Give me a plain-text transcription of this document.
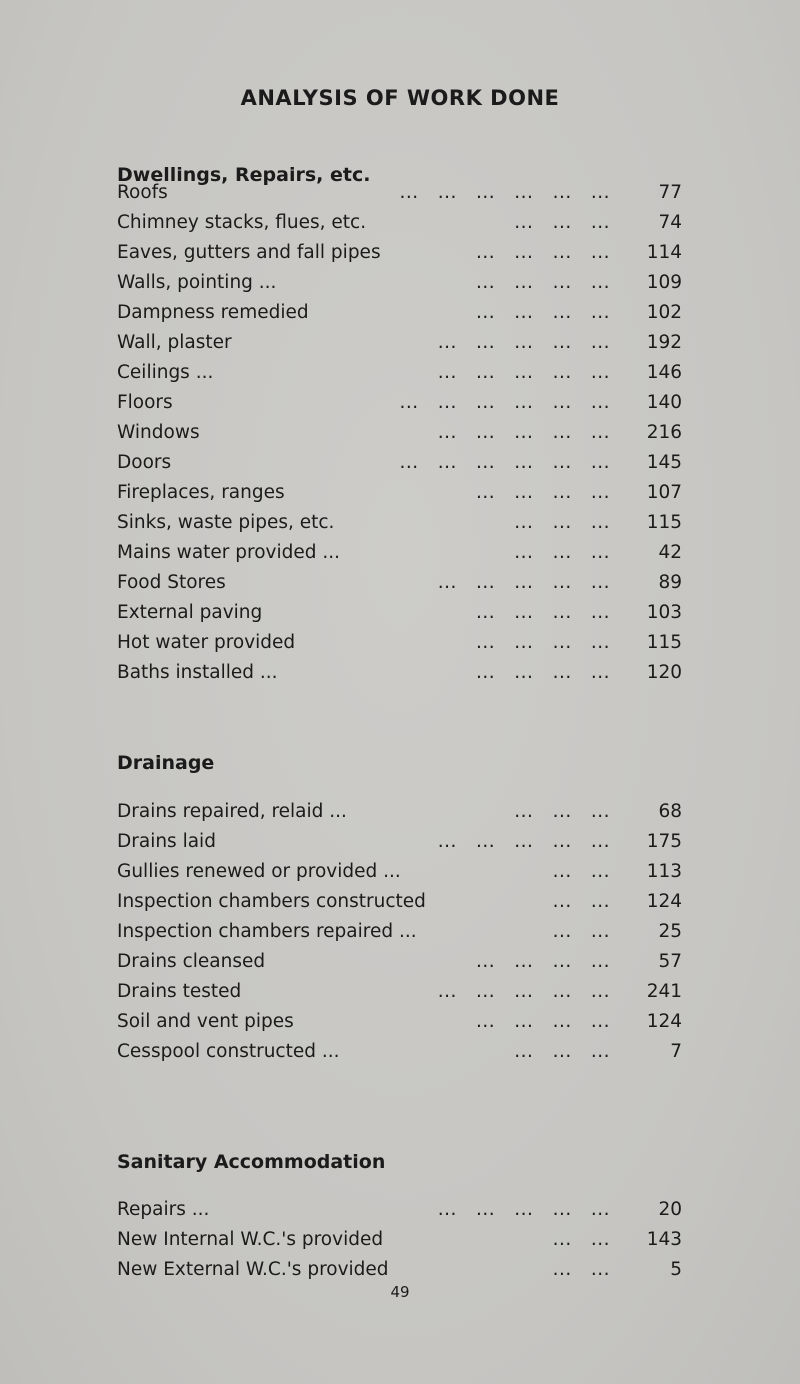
ANALYSIS OF WORK DONE
Dwellings, Repairs, etc.
Roofs	...   ...   ...   ...   ...   ...	77
Chimney stacks, flues, etc.	...   ...   ...	74
Eaves, gutters and fall pipes	...   ...   ...   ...	114
Walls, pointing ...	...   ...   ...   ...	109
Dampness remedied	...   ...   ...   ...	102
Wall, plaster	...   ...   ...   ...   ...	192
Ceilings ...	...   ...   ...   ...   ...	146
Floors	...   ...   ...   ...   ...   ...	140
Windows	...   ...   ...   ...   ...	216
Doors	...   ...   ...   ...   ...   ...	145
Fireplaces, ranges	...   ...   ...   ...	107
Sinks, waste pipes, etc.	...   ...   ...	115
Mains water provided ...	...   ...   ...	42
Food Stores	...   ...   ...   ...   ...	89
External paving	...   ...   ...   ...	103
Hot water provided	...   ...   ...   ...	115
Baths installed ...	...   ...   ...   ...	120
Drainage
Drains repaired, relaid ...	...   ...   ...	68
Drains laid	...   ...   ...   ...   ...	175
Gullies renewed or provided ...	...   ...	113
Inspection chambers constructed	...   ...	124
Inspection chambers repaired ...	...   ...	25
Drains cleansed	...   ...   ...   ...	57
Drains tested	...   ...   ...   ...   ...	241
Soil and vent pipes	...   ...   ...   ...	124
Cesspool constructed ...	...   ...   ...	7
Sanitary Accommodation
Repairs ...	...   ...   ...   ...   ...	20
New Internal W.C.'s provided	...   ...	143
New External W.C.'s provided	...   ...	5
49
